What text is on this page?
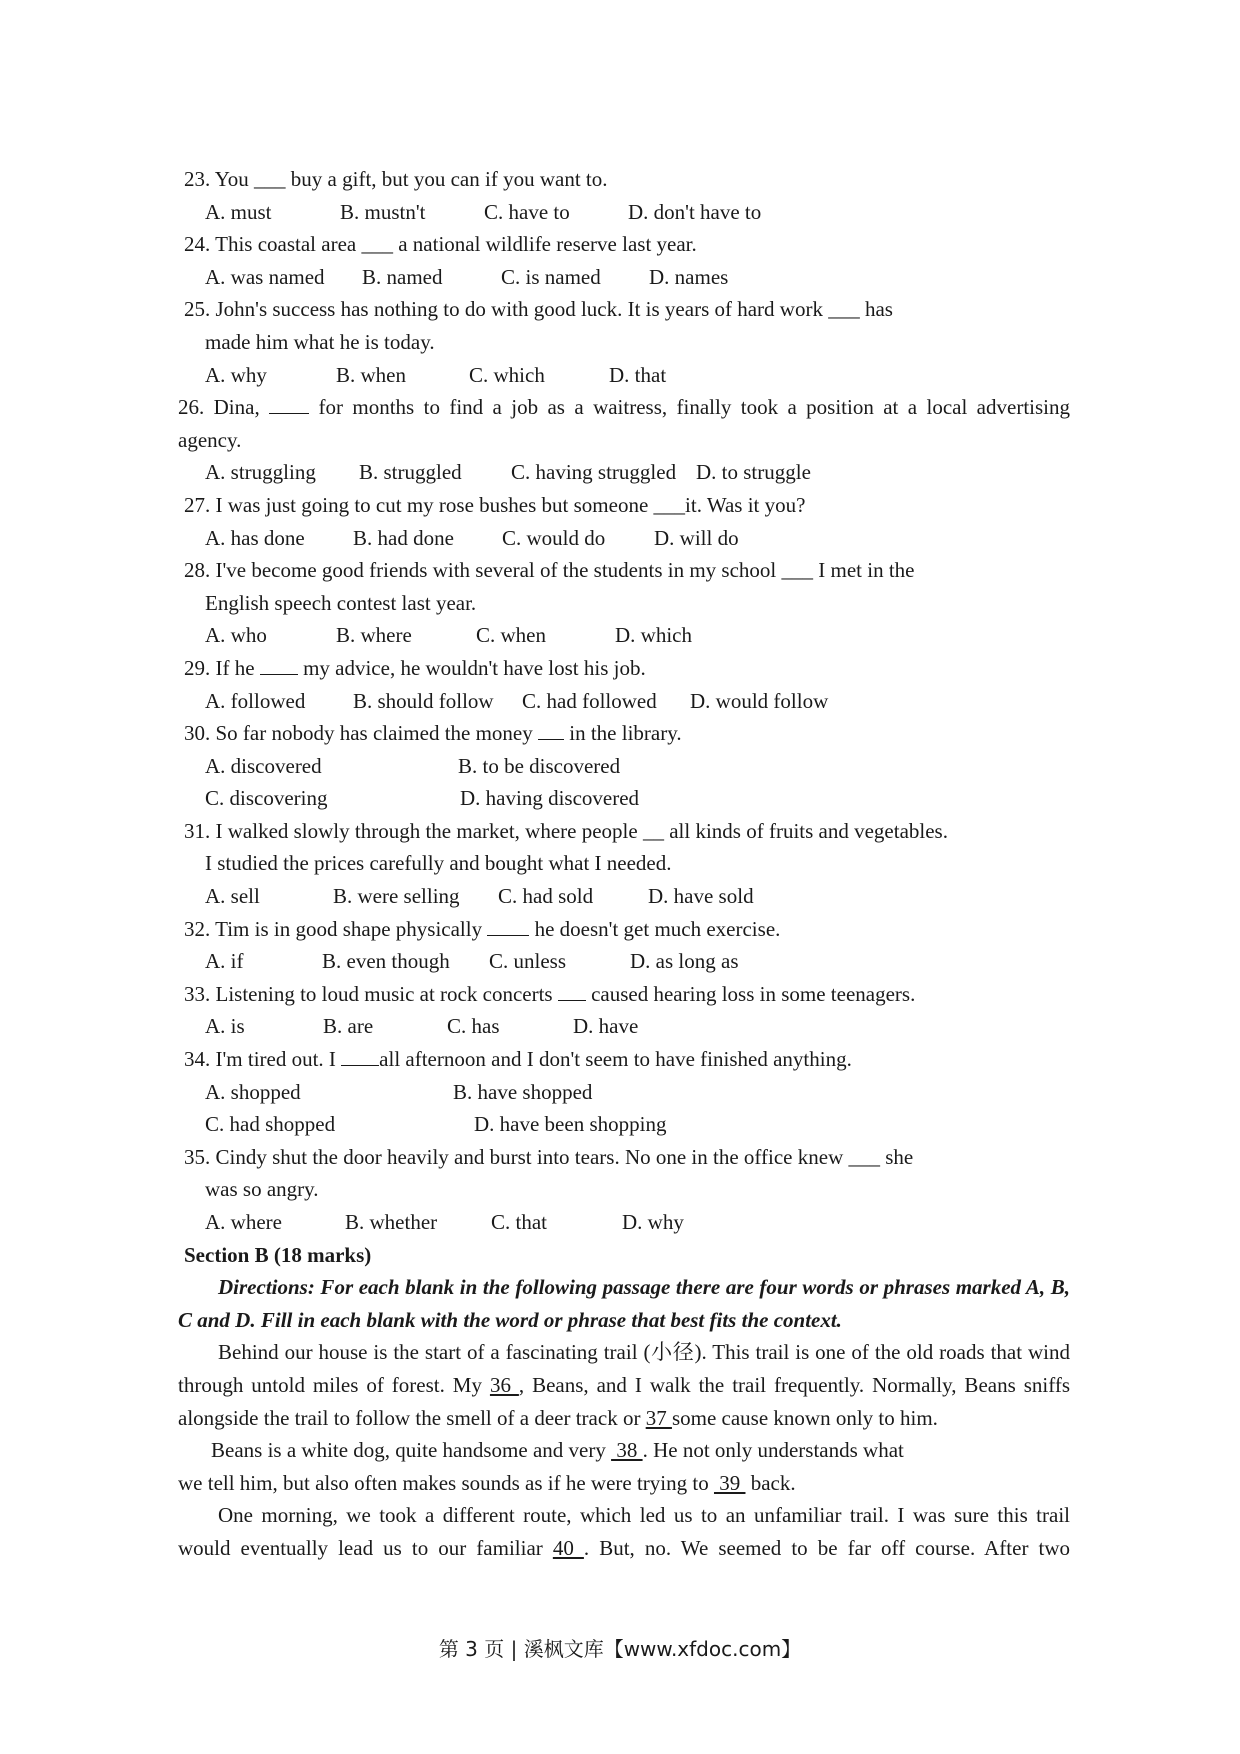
23. You ___ buy a gift, but you can if you want to.
A. must	B. mustn't	C. have to	D. don't have to
24. This coastal area ___ a national wildlife reserve last year.
A. was named	B. named	C. is named	D. names
25. John's success has nothing to do with good luck. It is years of hard work ___ has
made him what he is today.
A. why	B. when	C. which	D. that
26. Dina,  for months to find a job as a waitress, finally took a position at a local advertising
agency.
A. struggling	B. struggled	C. having struggled D. to struggle
27. I was just going to cut my rose bushes but someone ___it. Was it you?
A. has done	B. had done	C. would do	D. will do
28. I've become good friends with several of the students in my school ___ I met in the
English speech contest last year.
A. who	B. where	C. when	D. which
29. If he  my advice, he wouldn't have lost his job.
A. followed	B. should follow	C. had followed	D. would follow
30. So far nobody has claimed the money  in the library.
A. discovered	B. to be discovered
C. discovering	D. having discovered
31. I walked slowly through the market, where people __ all kinds of fruits and vegetables.
I studied the prices carefully and bought what I needed.
A. sell	B. were selling	C. had sold	D. have sold
32. Tim is in good shape physically  he doesn't get much exercise.
A. if	B. even though	C. unless	D. as long as
33. Listening to loud music at rock concerts  caused hearing loss in some teenagers.
A. is	B. are	C. has	D. have
34. I'm tired out. I all afternoon and I don't seem to have finished anything.
A. shopped	B. have shopped
C. had shopped	D. have been shopping
35. Cindy shut the door heavily and burst into tears. No one in the office knew ___ she
was so angry.
A. where	B. whether	C. that	D. why
Section B (18 marks)
Directions: For each blank in the following passage there are four words or phrases marked A, B, C and D. Fill in each blank with the word or phrase that best fits the context.
Behind our house is the start of a fascinating trail (小径). This trail is one of the old roads that wind through untold miles of forest. My 36 , Beans, and I walk the trail frequently. Normally, Beans sniffs alongside the trail to follow the smell of a deer track or 37 some cause known only to him.
Beans is a white dog, quite handsome and very  38 . He not only understands what
we tell him, but also often makes sounds as if he were trying to  39  back.
One morning, we took a different route, which led us to an unfamiliar trail. I was sure this trail would eventually lead us to our familiar 40 . But, no. We seemed to be far off course. After two
第 3 页 | 溪枫文库【www.xfdoc.com】
